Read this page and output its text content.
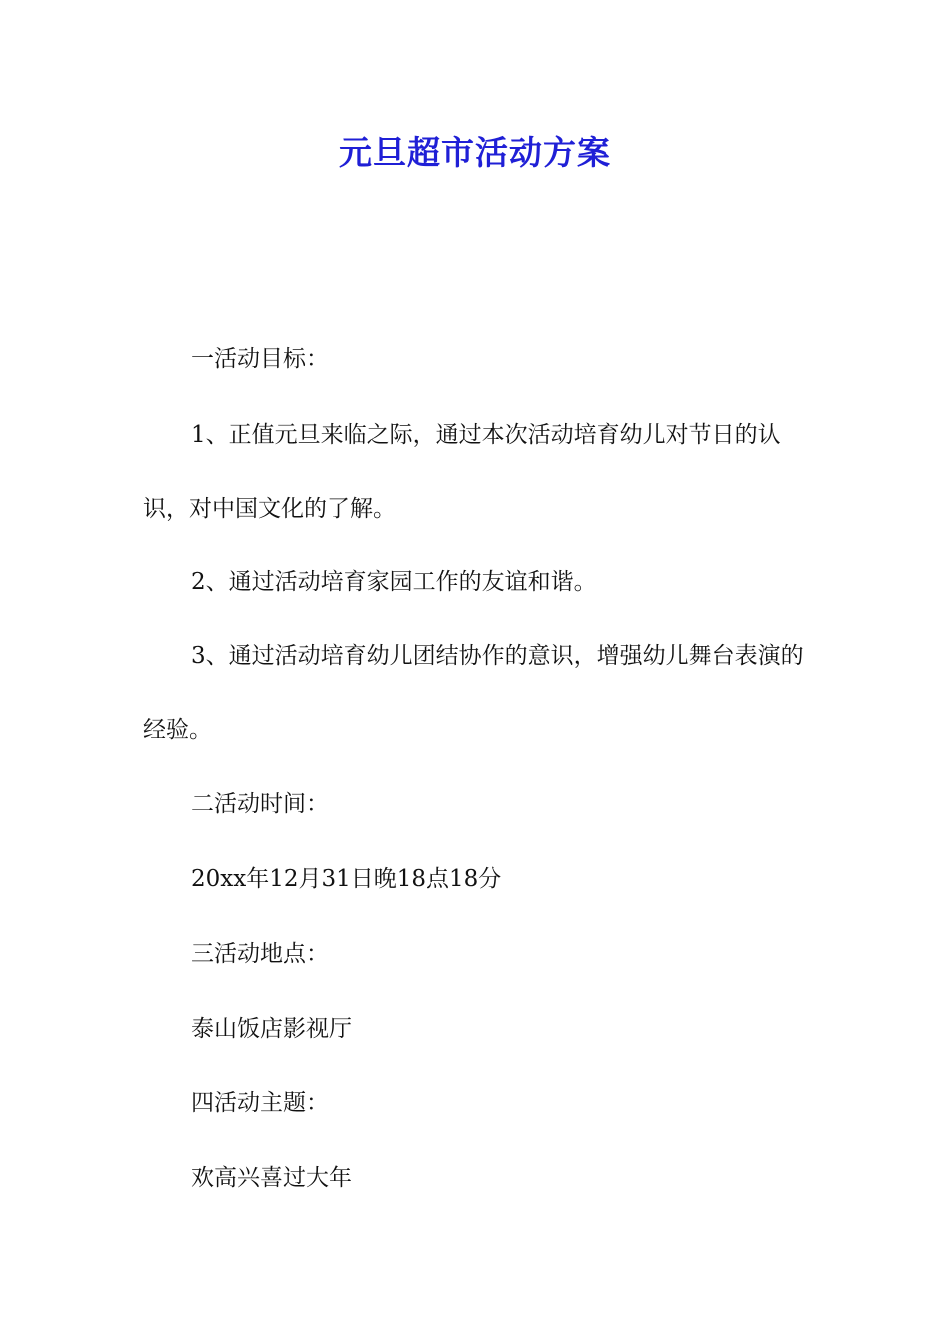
元旦超市活动方案
一活动目标：
1、正值元旦来临之际，通过本次活动培育幼儿对节日的认识，对中国文化的了解。
2、通过活动培育家园工作的友谊和谐。
3、通过活动培育幼儿团结协作的意识，增强幼儿舞台表演的经验。
二活动时间：
20xx年12月31日晚18点18分
三活动地点：
泰山饭店影视厅
四活动主题：
欢高兴喜过大年
